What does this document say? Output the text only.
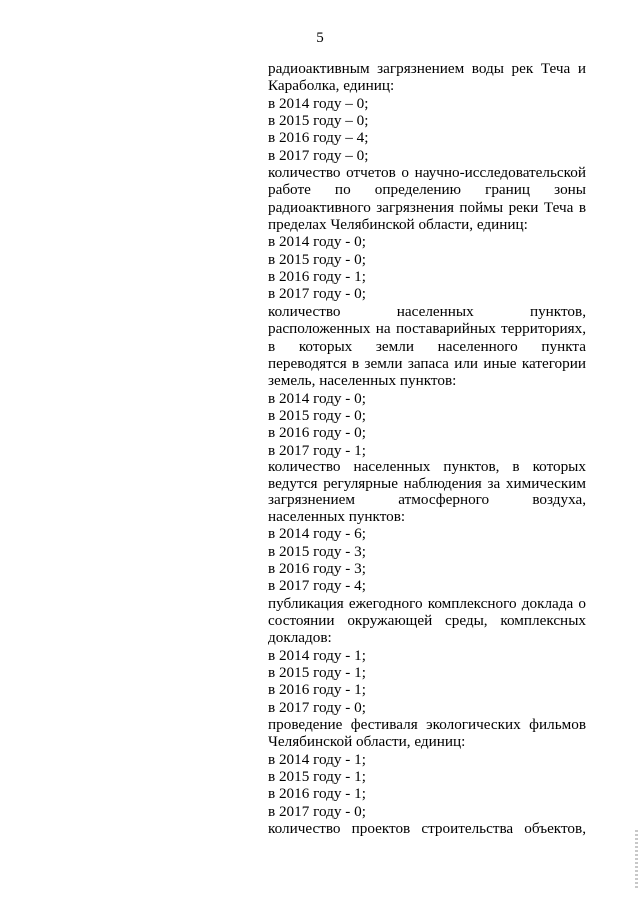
5

радиоактивным загрязнением воды рек Теча и Караболка, единиц:

в 2014 году – 0;

в 2015 году – 0;

в 2016 году – 4;

в 2017 году – 0;

количество отчетов о научно-исследовательской работе по определению границ зоны радиоактивного загрязнения поймы реки Теча в пределах Челябинской области, единиц:

в 2014 году - 0;

в 2015 году - 0;

в 2016 году - 1;

в 2017 году - 0;

количество населенных пунктов, расположенных на поставарийных территориях, в которых земли населенного пункта переводятся в земли запаса или иные категории земель, населенных пунктов:

в 2014 году - 0;

в 2015 году - 0;

в 2016 году - 0;

в 2017 году - 1;

количество населенных пунктов, в которых ведутся регулярные наблюдения за химическим загрязнением атмосферного воздуха, населенных пунктов:

в 2014 году - 6;

в 2015 году - 3;

в 2016 году - 3;

в 2017 году - 4;

публикация ежегодного комплексного доклада о состоянии окружающей среды, комплексных докладов:

в 2014 году - 1;

в 2015 году - 1;

в 2016 году - 1;

в 2017 году - 0;

проведение фестиваля экологических фильмов Челябинской области, единиц:

в 2014 году - 1;

в 2015 году - 1;

в 2016 году - 1;

в 2017 году - 0;

количество проектов строительства объектов,
